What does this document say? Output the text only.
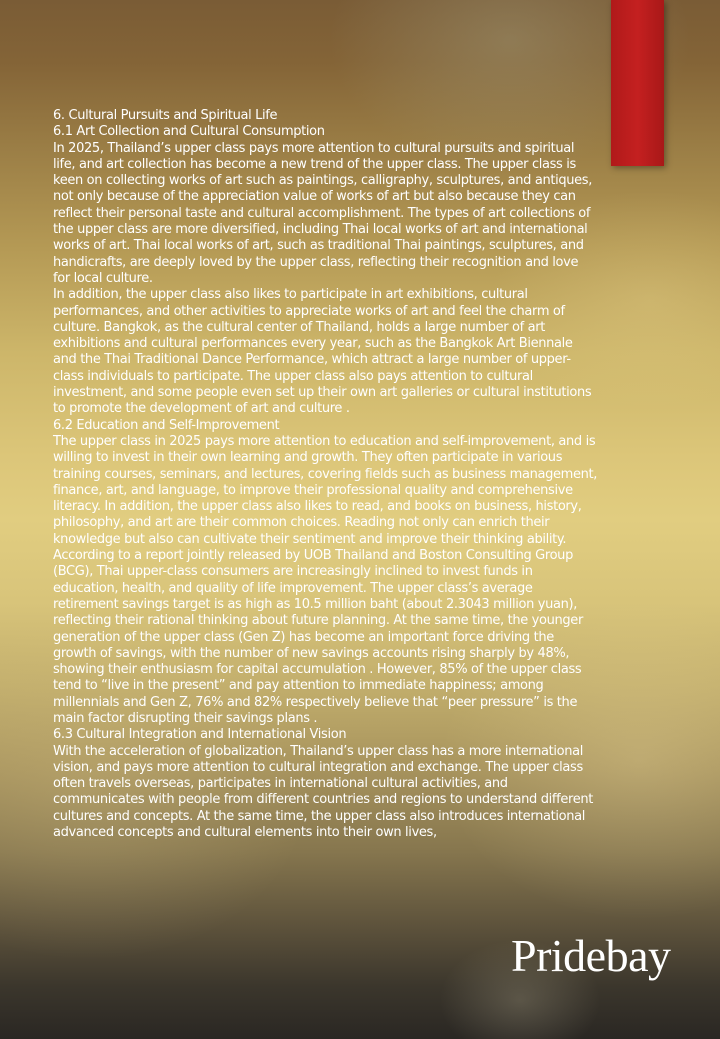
6. Cultural Pursuits and Spiritual Life

6.1 Art Collection and Cultural Consumption

In 2025, Thailand’s upper class pays more attention to cultural pursuits and spiritual life, and art collection has become a new trend of the upper class. The upper class is keen on collecting works of art such as paintings, calligraphy, sculptures, and antiques, not only because of the appreciation value of works of art but also because they can reflect their personal taste and cultural accomplishment. The types of art collections of the upper class are more diversified, including Thai local works of art and international works of art. Thai local works of art, such as traditional Thai paintings, sculptures, and handicrafts, are deeply loved by the upper class, reflecting their recognition and love for local culture.

In addition, the upper class also likes to participate in art exhibitions, cultural performances, and other activities to appreciate works of art and feel the charm of culture. Bangkok, as the cultural center of Thailand, holds a large number of art exhibitions and cultural performances every year, such as the Bangkok Art Biennale and the Thai Traditional Dance Performance, which attract a large number of upper-class individuals to participate. The upper class also pays attention to cultural investment, and some people even set up their own art galleries or cultural institutions to promote the development of art and culture .

6.2 Education and Self-Improvement

The upper class in 2025 pays more attention to education and self-improvement, and is willing to invest in their own learning and growth. They often participate in various training courses, seminars, and lectures, covering fields such as business management, finance, art, and language, to improve their professional quality and comprehensive literacy. In addition, the upper class also likes to read, and books on business, history, philosophy, and art are their common choices. Reading not only can enrich their knowledge but also can cultivate their sentiment and improve their thinking ability.

According to a report jointly released by UOB Thailand and Boston Consulting Group (BCG), Thai upper-class consumers are increasingly inclined to invest funds in education, health, and quality of life improvement. The upper class’s average retirement savings target is as high as 10.5 million baht (about 2.3043 million yuan), reflecting their rational thinking about future planning. At the same time, the younger generation of the upper class (Gen Z) has become an important force driving the growth of savings, with the number of new savings accounts rising sharply by 48%, showing their enthusiasm for capital accumulation . However, 85% of the upper class tend to “live in the present” and pay attention to immediate happiness; among millennials and Gen Z, 76% and 82% respectively believe that “peer pressure” is the main factor disrupting their savings plans .

6.3 Cultural Integration and International Vision

With the acceleration of globalization, Thailand’s upper class has a more international vision, and pays more attention to cultural integration and exchange. The upper class often travels overseas, participates in international cultural activities, and communicates with people from different countries and regions to understand different cultures and concepts. At the same time, the upper class also introduces international advanced concepts and cultural elements into their own lives,

Pridebay
